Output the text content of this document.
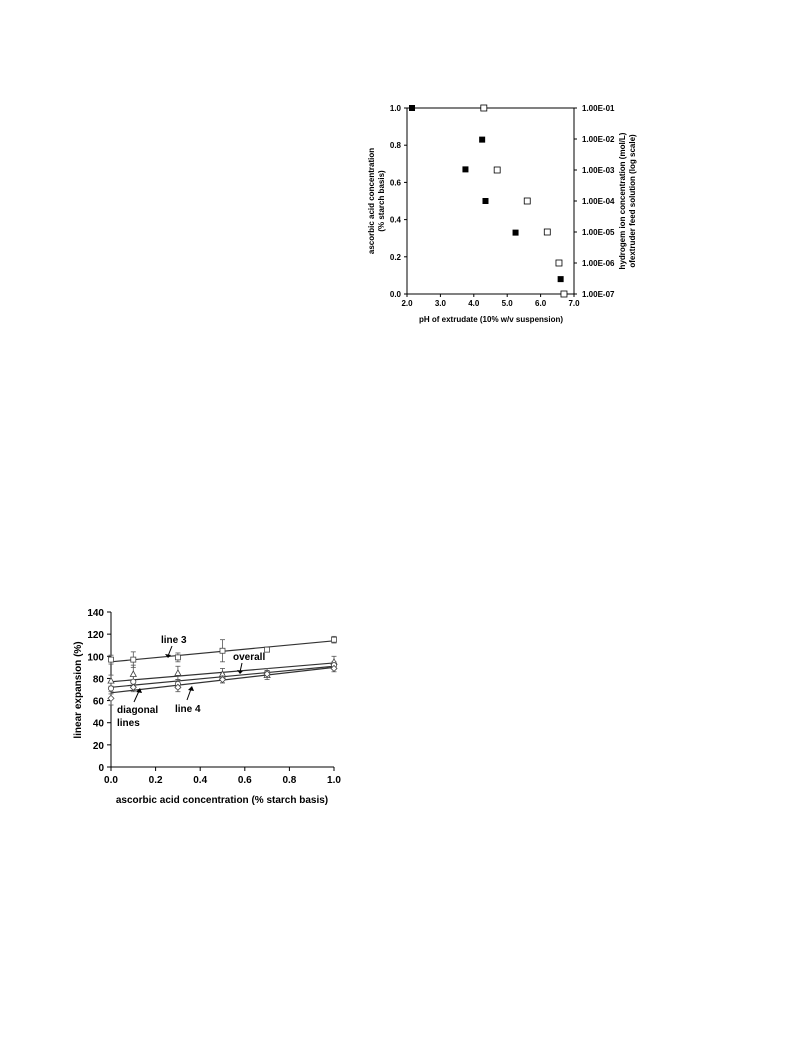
2.0	3.0	4.0	5.0	6.0	7.0
0.0
0.2
0.4
0.6
0.8
1.0
1.00E-07
1.00E-06
1.00E-05
1.00E-04
1.00E-03
1.00E-02
1.00E-01
pH of extrudate (10% w/v suspension)
ascorbic acid concentration (% starch basis)	hydrogem ion concentration (mol/L) ofextruder feed solution (log scale)
0.0	0.2	0.4	0.6	0.8	1.0
0
20
40
60
80
100
120
140
ascorbic acid concentration (% starch basis)
linear expansion (%)
line 3
overall
diagonal
lines
line 4
